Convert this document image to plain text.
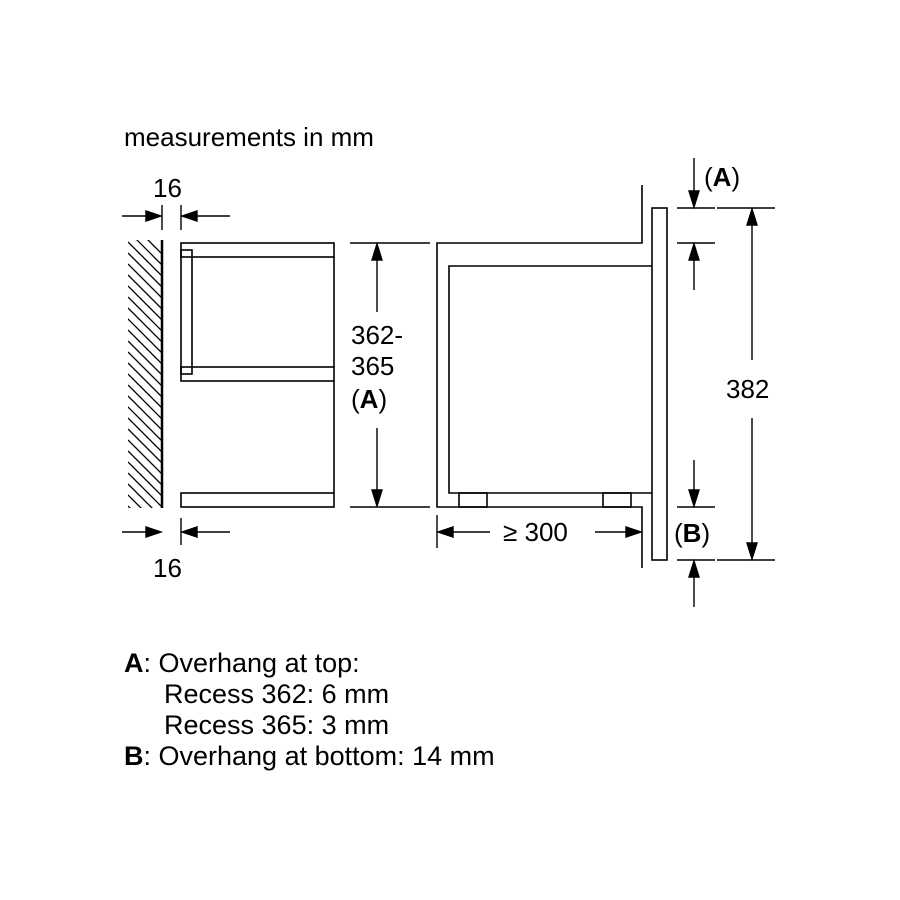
measurements in mm
16
16
362-
365
(A)
(A)
(B)
382
≥ 300
A: Overhang at top:
Recess 362: 6 mm
Recess 365: 3 mm
B: Overhang at bottom: 14 mm
